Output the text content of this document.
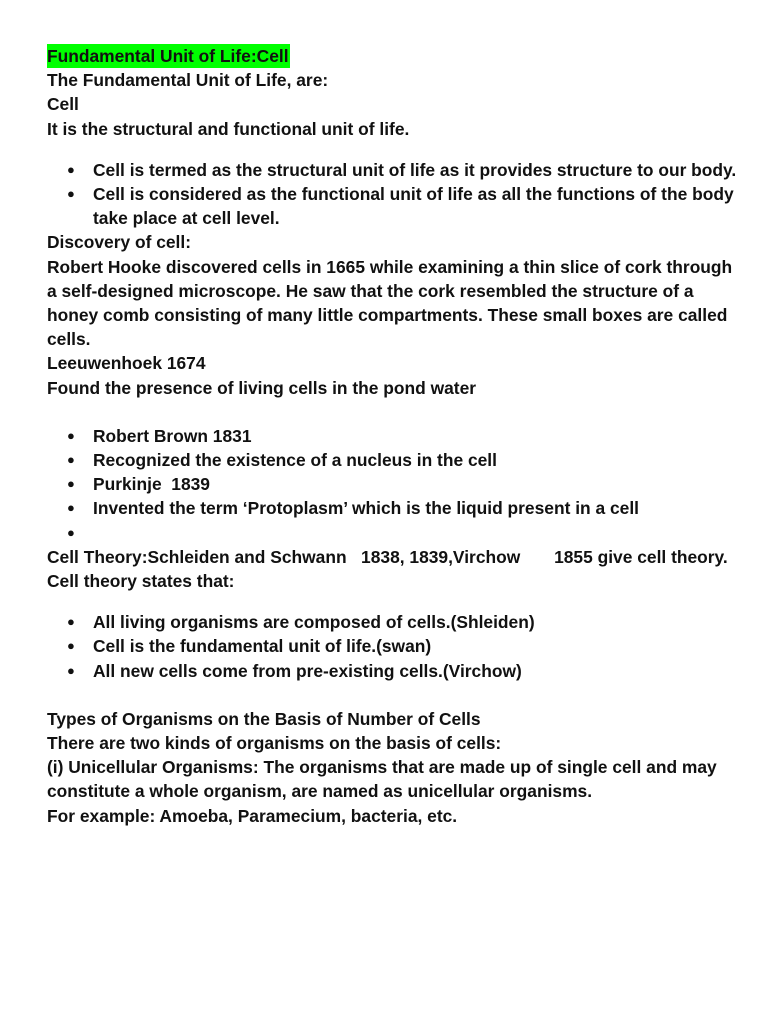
Fundamental Unit of Life:Cell
The Fundamental Unit of Life, are:
Cell
It is the structural and functional unit of life.
● Cell is termed as the structural unit of life as it provides structure to our body.
● Cell is considered as the functional unit of life as all the functions of the body take place at cell level.
Discovery of cell:
Robert Hooke discovered cells in 1665 while examining a thin slice of cork through a self-designed microscope. He saw that the cork resembled the structure of a honey comb consisting of many little compartments. These small boxes are called cells.
Leeuwenhoek 1674
Found the presence of living cells in the pond water
● Robert Brown 1831
● Recognized the existence of a nucleus in the cell
● Purkinje  1839
● Invented the term ‘Protoplasm’ which is the liquid present in a cell
●
Cell Theory:Schleiden and Schwann   1838, 1839,Virchow       1855 give cell theory.
Cell theory states that:
● All living organisms are composed of cells.(Shleiden)
● Cell is the fundamental unit of life.(swan)
● All new cells come from pre-existing cells.(Virchow)
Types of Organisms on the Basis of Number of Cells
There are two kinds of organisms on the basis of cells:
(i) Unicellular Organisms: The organisms that are made up of single cell and may constitute a whole organism, are named as unicellular organisms.
For example: Amoeba, Paramecium, bacteria, etc.
